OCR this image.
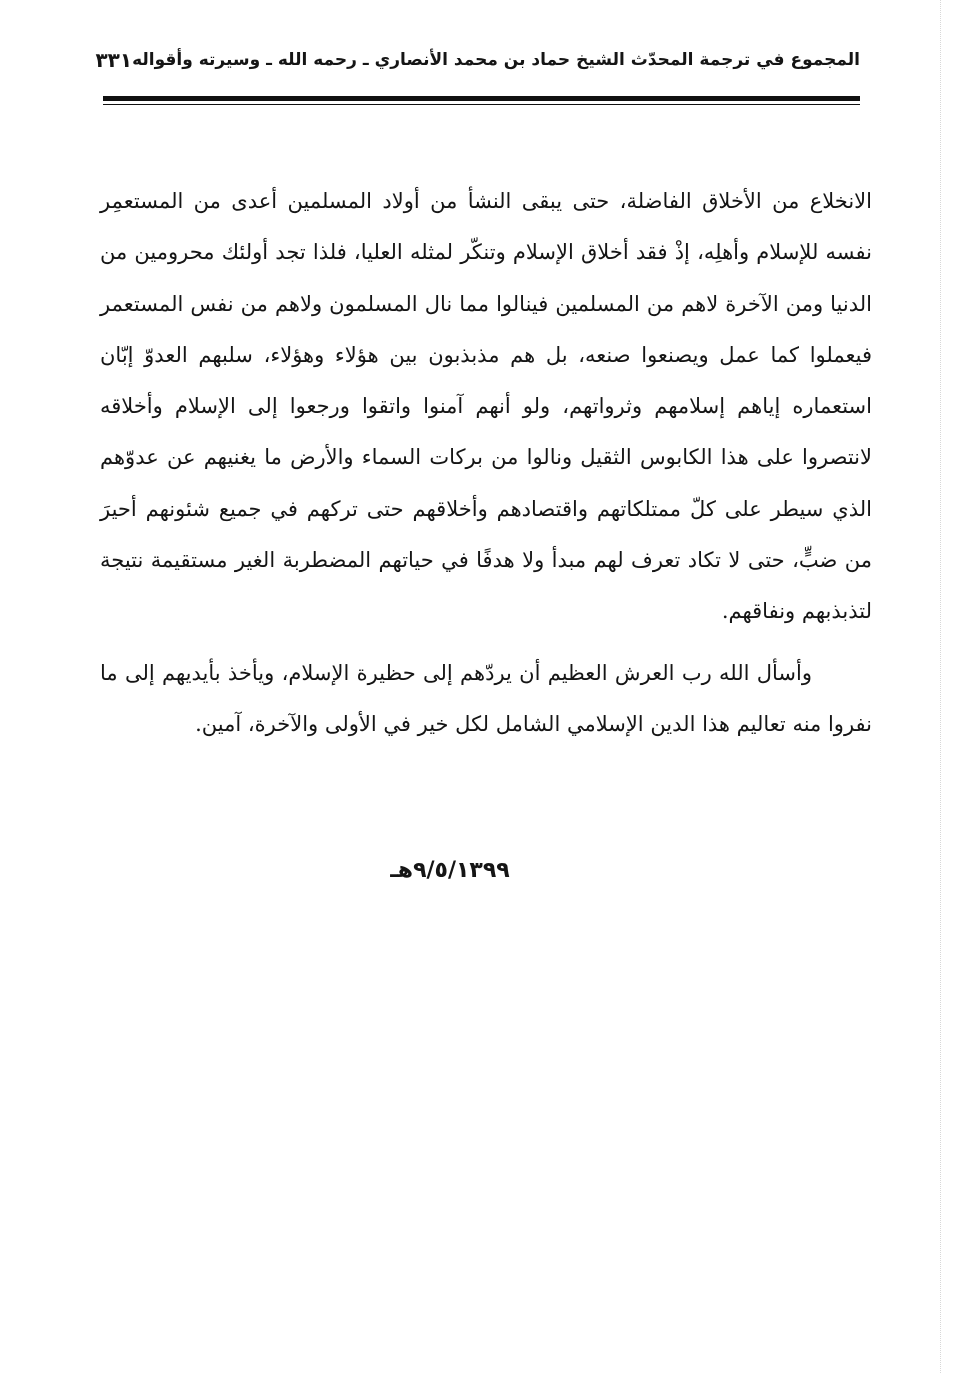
المجموع في ترجمة المحدّث الشيخ حماد بن محمد الأنصاري ـ رحمه الله ـ وسيرته وأقواله
٣٣١

الانخلاع من الأخلاق الفاضلة، حتى يبقى النشأ من أولاد المسلمين أعدى من المستعمِر نفسه للإسلام وأهلِه، إذْ فقد أخلاق الإسلام وتنكّر لمثله العليا، فلذا تجد أولئك محرومين من الدنيا ومن الآخرة لاهم من المسلمين فينالوا مما نال المسلمون ولاهم من نفس المستعمر فيعملوا كما عمل ويصنعوا صنعه، بل هم مذبذبون بين هؤلاء وهؤلاء، سلبهم العدوّ إبّان استعماره إياهم إسلامهم وثرواتهم، ولو أنهم آمنوا واتقوا ورجعوا إلى الإسلام وأخلاقه لانتصروا على هذا الكابوس الثقيل ونالوا من بركات السماء والأرض ما يغنيهم عن عدوّهم الذي سيطر على كلّ ممتلكاتهم واقتصادهم وأخلاقهم حتى تركهم في جميع شئونهم أحيرَ من ضبٍّ، حتى لا تكاد تعرف لهم مبدأ ولا هدفًا في حياتهم المضطربة الغير مستقيمة نتيجة لتذبذبهم ونفاقهم.

وأسأل الله رب العرش العظيم أن يردّهم إلى حظيرة الإسلام، ويأخذ بأيديهم إلى ما نفروا منه تعاليم هذا الدين الإسلامي الشامل لكل خير في الأولى والآخرة، آمين.

٩/٥/١٣٩٩هـ
